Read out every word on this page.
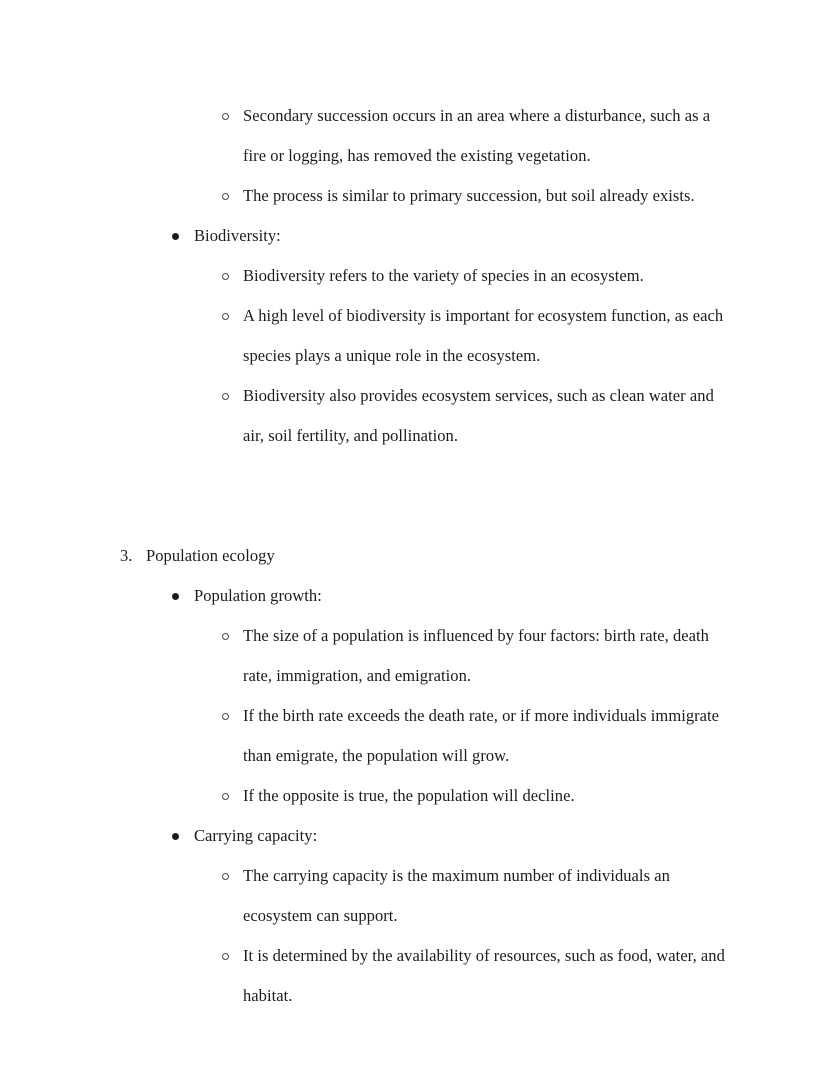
Secondary succession occurs in an area where a disturbance, such as a fire or logging, has removed the existing vegetation.
The process is similar to primary succession, but soil already exists.
Biodiversity:
Biodiversity refers to the variety of species in an ecosystem.
A high level of biodiversity is important for ecosystem function, as each species plays a unique role in the ecosystem.
Biodiversity also provides ecosystem services, such as clean water and air, soil fertility, and pollination.
3. Population ecology
Population growth:
The size of a population is influenced by four factors: birth rate, death rate, immigration, and emigration.
If the birth rate exceeds the death rate, or if more individuals immigrate than emigrate, the population will grow.
If the opposite is true, the population will decline.
Carrying capacity:
The carrying capacity is the maximum number of individuals an ecosystem can support.
It is determined by the availability of resources, such as food, water, and habitat.
